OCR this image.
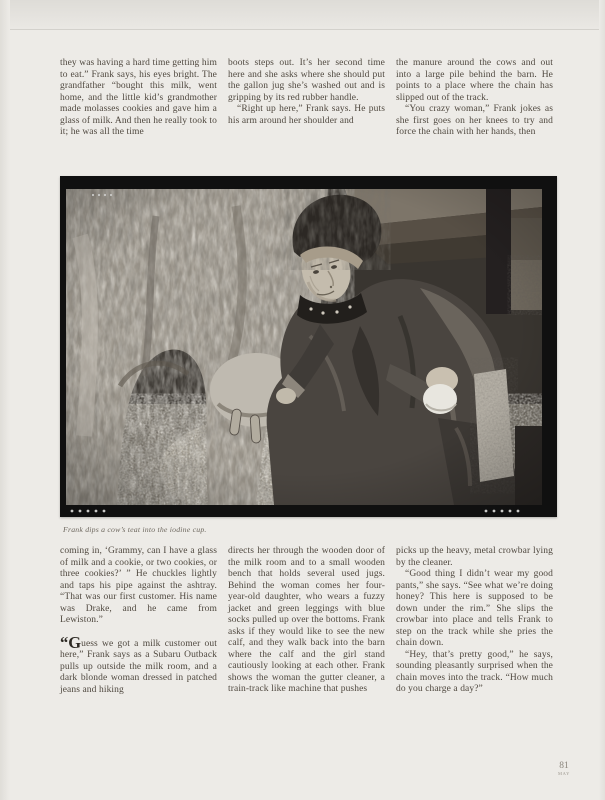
they was having a hard time getting him to eat.” Frank says, his eyes bright. The grandfather “bought this milk, went home, and the little kid’s grandmother made molasses cookies and gave him a glass of milk. And then he really took to it; he was all the time

boots steps out. It’s her second time here and she asks where she should put the gallon jug she’s washed out and is gripping by its red rubber handle.

“Right up here,” Frank says. He puts his arm around her shoulder and

the manure around the cows and out into a large pile behind the barn. He points to a place where the chain has slipped out of the track.

“You crazy woman,” Frank jokes as she first goes on her knees to try and force the chain with her hands, then

Frank dips a cow’s teat into the iodine cup.

coming in, ‘Grammy, can I have a glass of milk and a cookie, or two cookies, or three cookies?’ ” He chuckles lightly and taps his pipe against the ashtray. “That was our first customer. His name was Drake, and he came from Lewiston.”

“Guess we got a milk customer out here,” Frank says as a Subaru Outback pulls up outside the milk room, and a dark blonde woman dressed in patched jeans and hiking

directs her through the wooden door of the milk room and to a small wooden bench that holds several used jugs. Behind the woman comes her four-year-old daughter, who wears a fuzzy jacket and green leggings with blue socks pulled up over the bottoms. Frank asks if they would like to see the new calf, and they walk back into the barn where the calf and the girl stand cautiously looking at each other. Frank shows the woman the gutter cleaner, a train-track like machine that pushes

picks up the heavy, metal crowbar lying by the cleaner.

“Good thing I didn’t wear my good pants,” she says. “See what we’re doing honey? This here is supposed to be down under the rim.” She slips the crowbar into place and tells Frank to step on the track while she pries the chain down.

“Hey, that’s pretty good,” he says, sounding pleasantly surprised when the chain moves into the track. “How much do you charge a day?”

81
MAY
